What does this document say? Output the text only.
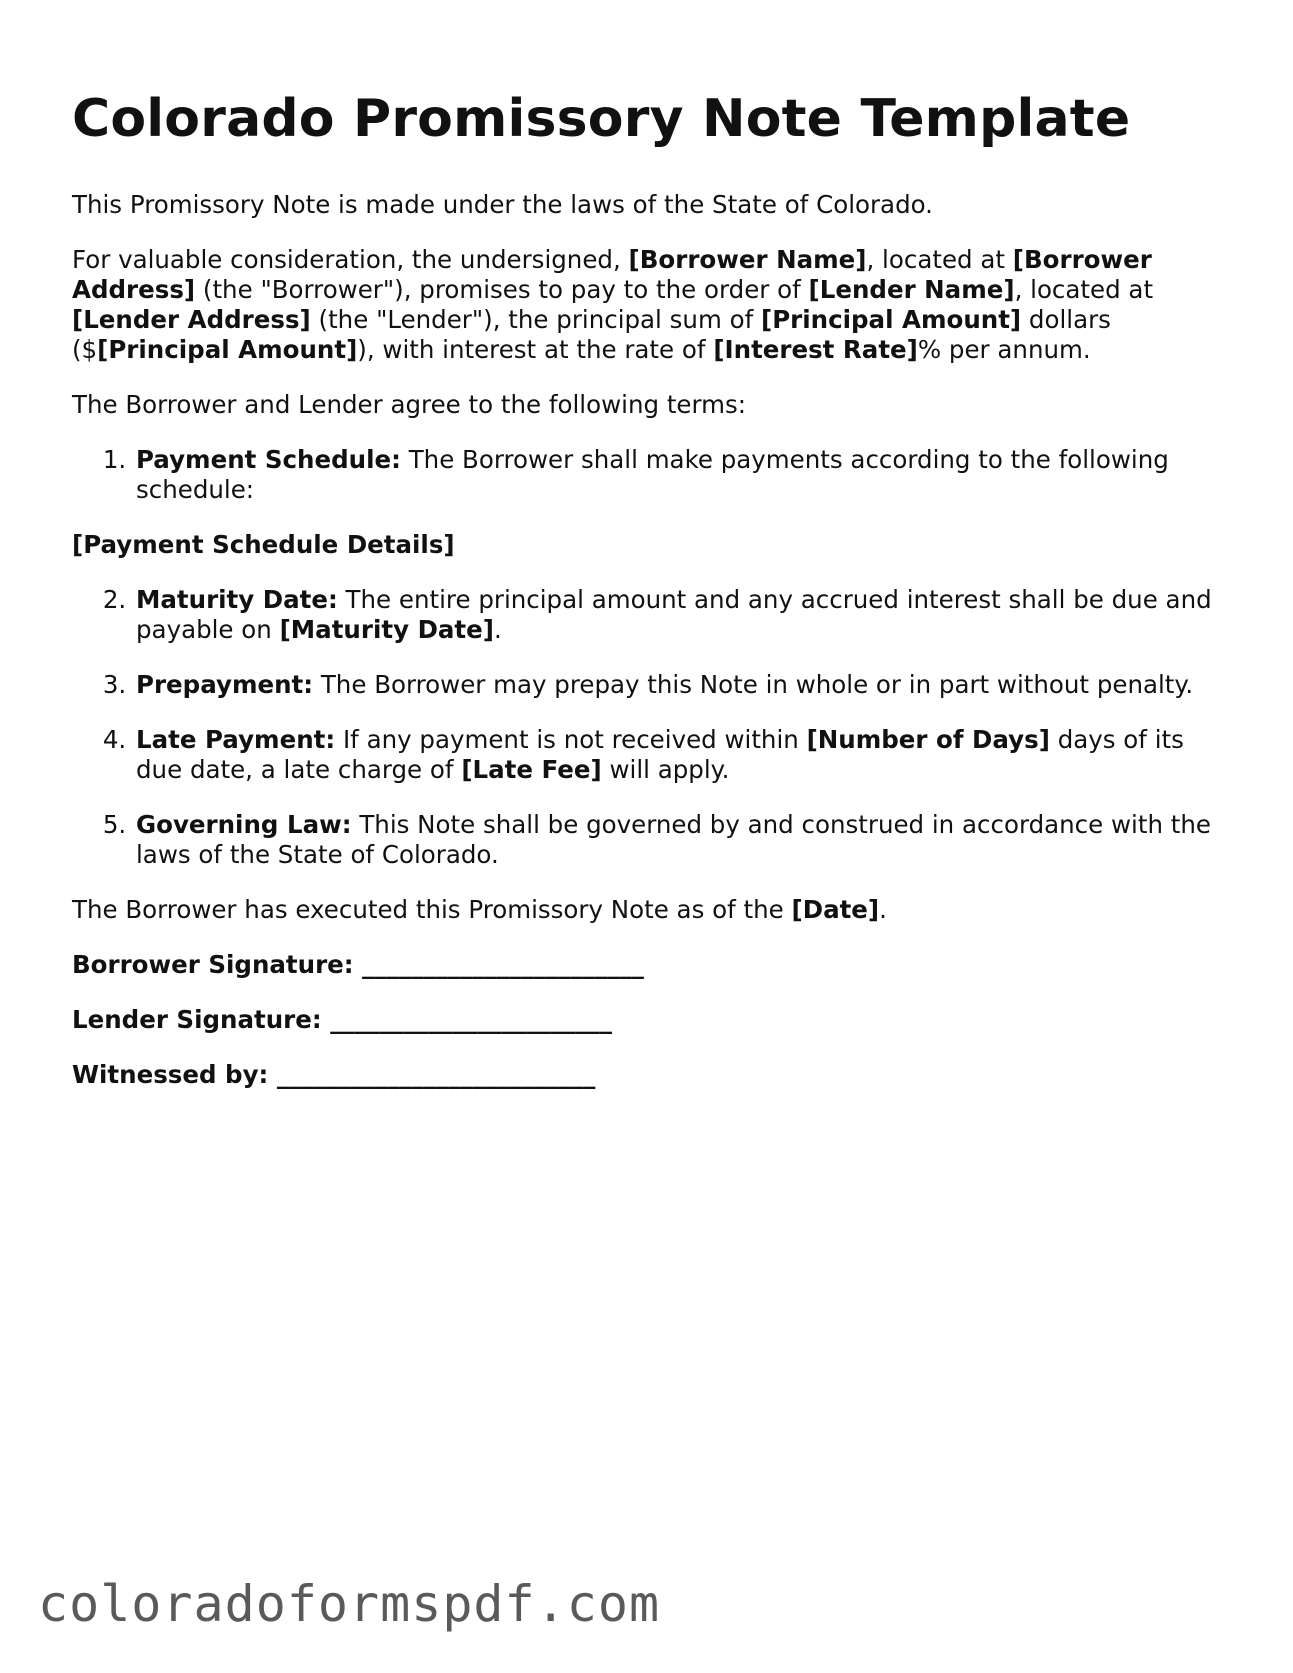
Colorado Promissory Note Template

This Promissory Note is made under the laws of the State of Colorado.

For valuable consideration, the undersigned, [Borrower Name], located at [Borrower Address] (the "Borrower"), promises to pay to the order of [Lender Name], located at [Lender Address] (the "Lender"), the principal sum of [Principal Amount] dollars ($[Principal Amount]), with interest at the rate of [Interest Rate]% per annum.

The Borrower and Lender agree to the following terms:

1. Payment Schedule: The Borrower shall make payments according to the following schedule:

[Payment Schedule Details]

2. Maturity Date: The entire principal amount and any accrued interest shall be due and payable on [Maturity Date].
3. Prepayment: The Borrower may prepay this Note in whole or in part without penalty.
4. Late Payment: If any payment is not received within [Number of Days] days of its due date, a late charge of [Late Fee] will apply.
5. Governing Law: This Note shall be governed by and construed in accordance with the laws of the State of Colorado.

The Borrower has executed this Promissory Note as of the [Date].

Borrower Signature: _______________________

Lender Signature: _______________________

Witnessed by: __________________________

coloradoformspdf.com
